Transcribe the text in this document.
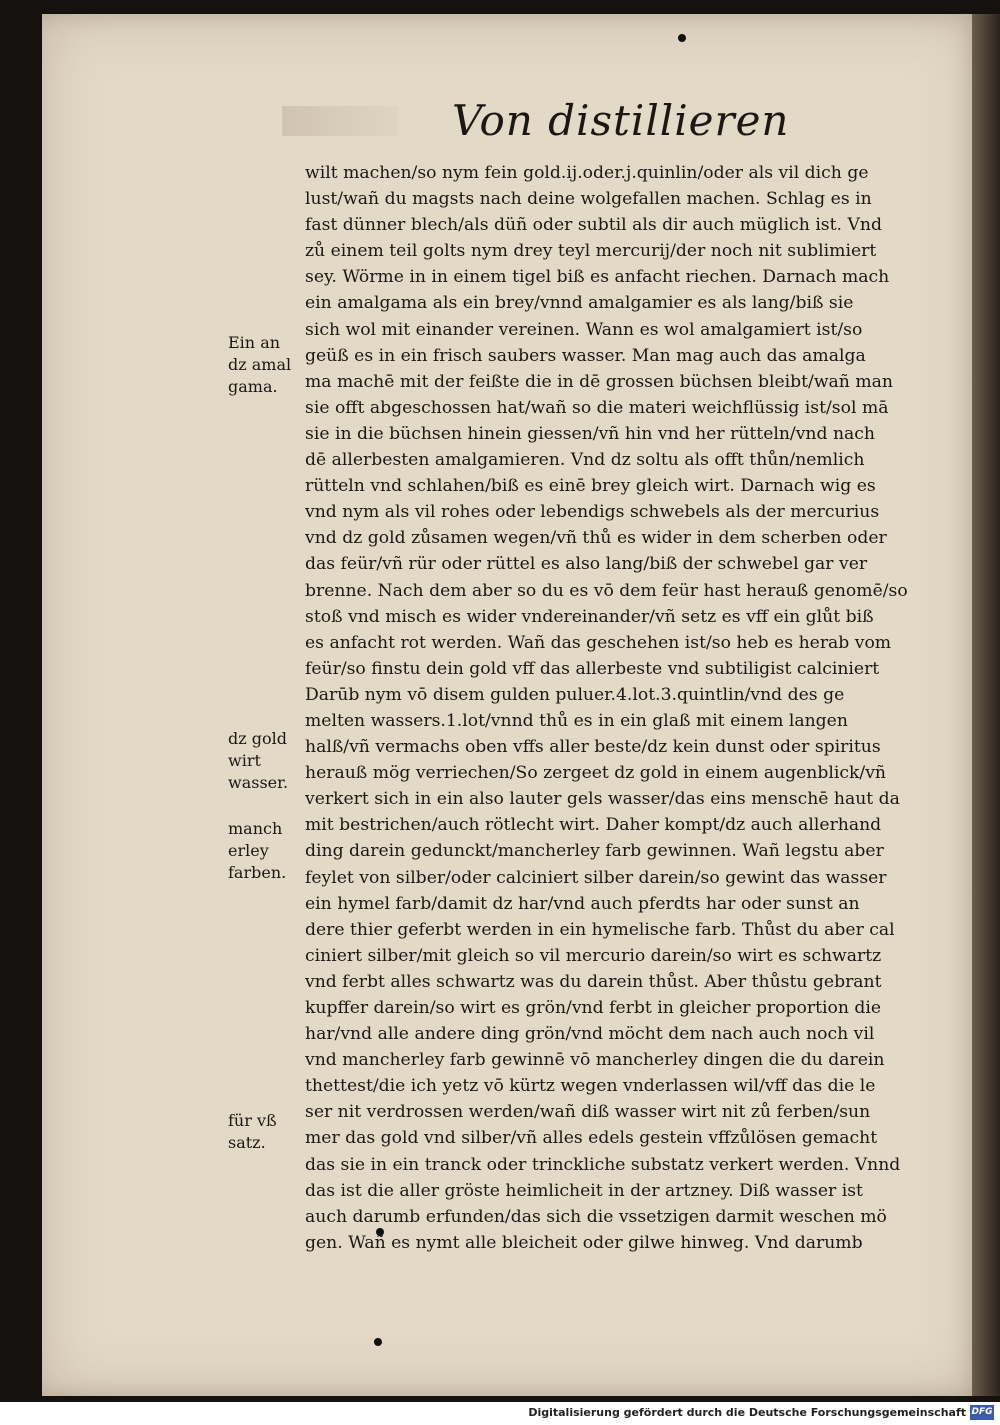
Von distillieren
wilt machen/so nym fein gold.ij.oder.j.quinlin/oder als vil dich ge
lust/wañ du magsts nach deine wolgefallen machen. Schlag es in
fast dünner blech/als düñ oder subtil als dir auch müglich ist. Vnd
zů einem teil golts nym drey teyl mercurij/der noch nit sublimiert
sey. Wörme in in einem tigel biß es anfacht riechen. Darnach mach
ein amalgama als ein brey/vnnd amalgamier es als lang/biß sie
sich wol mit einander vereinen. Wann es wol amalgamiert ist/so
geüß es in ein frisch saubers wasser. Man mag auch das amalga
ma machē mit der feißte die in dē grossen büchsen bleibt/wañ man
sie offt abgeschossen hat/wañ so die materi weichflüssig ist/sol mā
sie in die büchsen hinein giessen/vñ hin vnd her rütteln/vnd nach
dē allerbesten amalgamieren. Vnd dz soltu als offt thůn/nemlich
rütteln vnd schlahen/biß es einē brey gleich wirt. Darnach wig es
vnd nym als vil rohes oder lebendigs schwebels als der mercurius
vnd dz gold zůsamen wegen/vñ thů es wider in dem scherben oder
das feür/vñ rür oder rüttel es also lang/biß der schwebel gar ver
brenne. Nach dem aber so du es vō dem feür hast herauß genomē/so
stoß vnd misch es wider vndereinander/vñ setz es vff ein glůt biß
es anfacht rot werden. Wañ das geschehen ist/so heb es herab vom
feür/so finstu dein gold vff das allerbeste vnd subtiligist calciniert
Darūb nym vō disem gulden puluer.4.lot.3.quintlin/vnd des ge
melten wassers.1.lot/vnnd thů es in ein glaß mit einem langen
halß/vñ vermachs oben vffs aller beste/dz kein dunst oder spiritus
herauß mög verriechen/So zergeet dz gold in einem augenblick/vñ
verkert sich in ein also lauter gels wasser/das eins menschē haut da
mit bestrichen/auch rötlecht wirt. Daher kompt/dz auch allerhand
ding darein gedunckt/mancherley farb gewinnen. Wañ legstu aber
feylet von silber/oder calciniert silber darein/so gewint das wasser
ein hymel farb/damit dz har/vnd auch pferdts har oder sunst an
dere thier geferbt werden in ein hymelische farb. Thůst du aber cal
ciniert silber/mit gleich so vil mercurio darein/so wirt es schwartz
vnd ferbt alles schwartz was du darein thůst. Aber thůstu gebrant
kupffer darein/so wirt es grön/vnd ferbt in gleicher proportion die
har/vnd alle andere ding grön/vnd möcht dem nach auch noch vil
vnd mancherley farb gewinnē vō mancherley dingen die du darein
thettest/die ich yetz vō kürtz wegen vnderlassen wil/vff das die le
ser nit verdrossen werden/wañ diß wasser wirt nit zů ferben/sun
mer das gold vnd silber/vñ alles edels gestein vffzůlösen gemacht
das sie in ein tranck oder trinckliche substatz verkert werden. Vnnd
das ist die aller gröste heimlicheit in der artzney. Diß wasser ist
auch darumb erfunden/das sich die vssetzigen darmit weschen mö
gen. Wañ es nymt alle bleicheit oder gilwe hinweg. Vnd darumb
Ein an
dz amal
gama.
dz gold
wirt
wasser.
manch
erley
farben.
für vß
satz.
Digitalisierung gefördert durch die Deutsche Forschungsgemeinschaft DFG
